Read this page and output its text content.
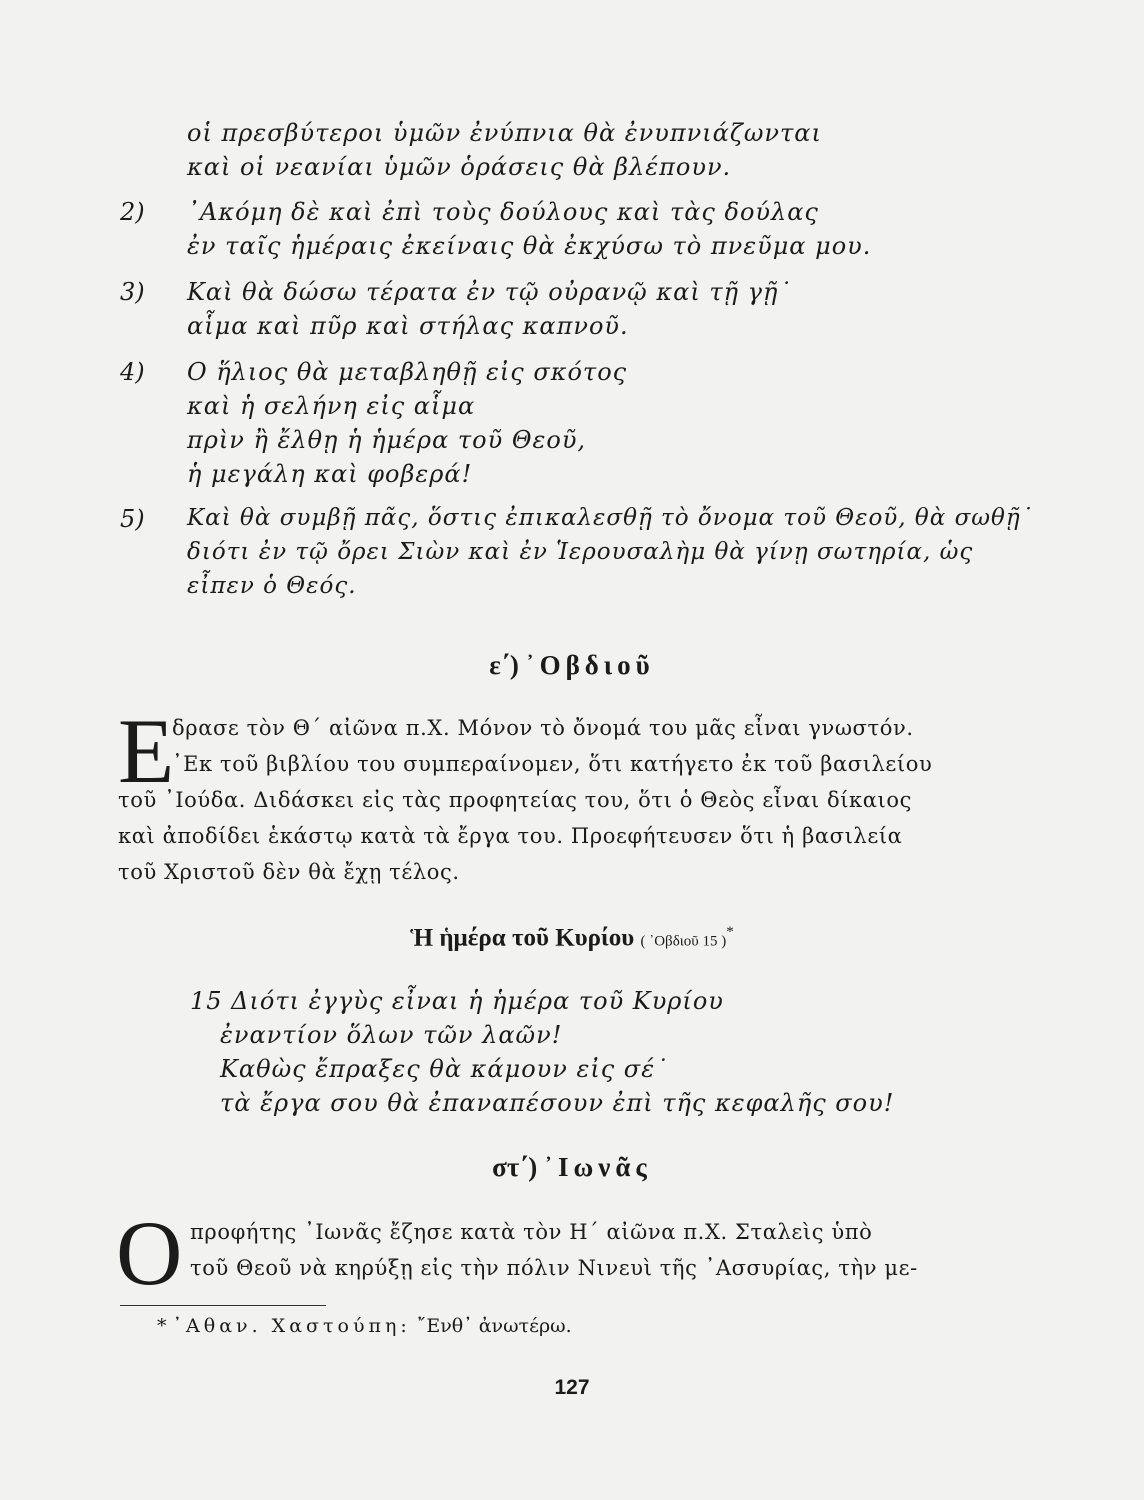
οἱ πρεσβύτεροι ὑμῶν ἐνύπνια θὰ ἐνυπνιάζωνται
καὶ οἱ νεανίαι ὑμῶν ὁράσεις θὰ βλέπουν.
2) ᾿Ακόμη δὲ καὶ ἐπὶ τοὺς δούλους καὶ τὰς δούλας
ἐν ταῖς ἡμέραις ἐκείναις θὰ ἐκχύσω τὸ πνεῦμα μου.
3) Καὶ θὰ δώσω τέρατα ἐν τῷ οὐρανῷ καὶ τῇ γῇ˙
αἷμα καὶ πῦρ καὶ στήλας καπνοῦ.
4) Ο ἥλιος θὰ μεταβληθῇ εἰς σκότος
καὶ ἡ σελήνη εἰς αἷμα
πρὶν ἢ ἔλθῃ ἡ ἡμέρα τοῦ Θεοῦ,
ἡ μεγάλη καὶ φοβερά!
5) Καὶ θὰ συμβῇ πᾶς, ὅστις ἐπικαλεσθῇ τὸ ὄνομα τοῦ Θεοῦ, θὰ σωθῇ˙
διότι ἐν τῷ ὄρει Σιὼν καὶ ἐν Ἱερουσαλὴμ θὰ γίνῃ σωτηρία, ὡς
εἶπεν ὁ Θεός.
ε΄) ᾿Οβδιοῦ
Ε
δρασε τὸν Θ΄ αἰῶνα π.Χ. Μόνον τὸ ὄνομά του μᾶς εἶναι γνωστόν.
᾿Εκ τοῦ βιβλίου του συμπεραίνομεν, ὅτι κατήγετο ἐκ τοῦ βασιλείου
τοῦ ᾿Ιούδα. Διδάσκει εἰς τὰς προφητείας του, ὅτι ὁ Θεὸς εἶναι δίκαιος
καὶ ἀποδίδει ἑκάστῳ κατὰ τὰ ἔργα του. Προεφήτευσεν ὅτι ἡ βασιλεία
τοῦ Χριστοῦ δὲν θὰ ἔχῃ τέλος.
Ἡ ἡμέρα τοῦ Κυρίου ( ᾿Οβδιοῦ 15 )*
15 Διότι ἐγγὺς εἶναι ἡ ἡμέρα τοῦ Κυρίου
ἐναντίον ὅλων τῶν λαῶν!
Καθὼς ἔπραξες θὰ κάμουν εἰς σέ˙
τὰ ἔργα σου θὰ ἐπαναπέσουν ἐπὶ τῆς κεφαλῆς σου!
στ΄) ᾿Ιωνᾶς
Ο προφήτης ᾿Ιωνᾶς ἔζησε κατὰ τὸν Η΄ αἰῶνα π.Χ. Σταλεὶς ὑπὸ
τοῦ Θεοῦ νὰ κηρύξῃ εἰς τὴν πόλιν Νινευὶ τῆς ᾿Ασσυρίας, τὴν με-
* ᾿Αθαν. Χαστούπη: ῎Ενθ᾿ ἀνωτέρω.
127
